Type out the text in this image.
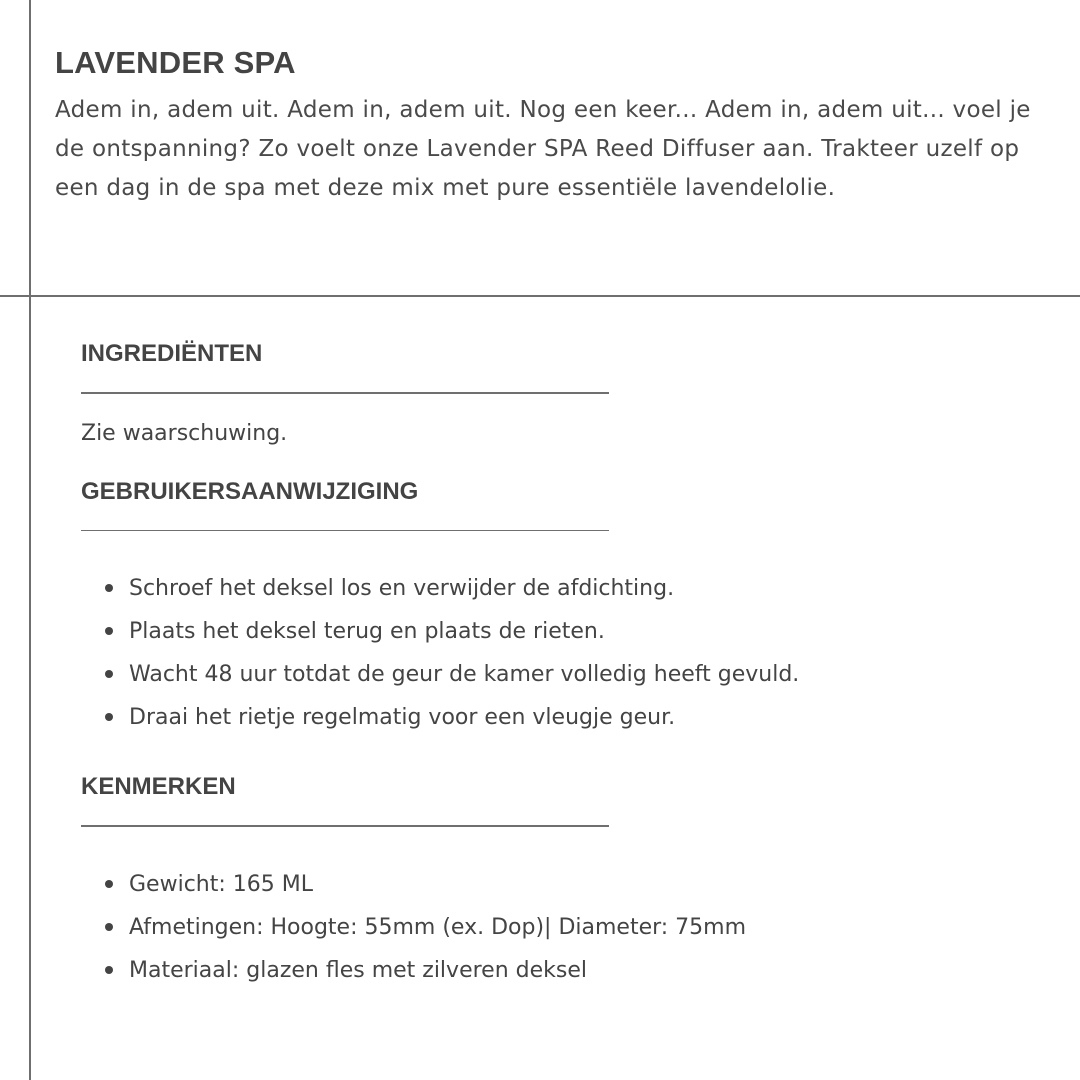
LAVENDER SPA

Adem in, adem uit. Adem in, adem uit. Nog een keer... Adem in, adem uit... voel je de ontspanning? Zo voelt onze Lavender SPA Reed Diffuser aan. Trakteer uzelf op een dag in de spa met deze mix met pure essentiële lavendelolie.

INGREDIËNTEN

Zie waarschuwing.

GEBRUIKERSAANWIJZIGING
Schroef het deksel los en verwijder de afdichting.
Plaats het deksel terug en plaats de rieten.
Wacht 48 uur totdat de geur de kamer volledig heeft gevuld.
Draai het rietje regelmatig voor een vleugje geur.
KENMERKEN
Gewicht: 165 ML
Afmetingen: Hoogte: 55mm (ex. Dop)| Diameter: 75mm
Materiaal: glazen fles met zilveren deksel
